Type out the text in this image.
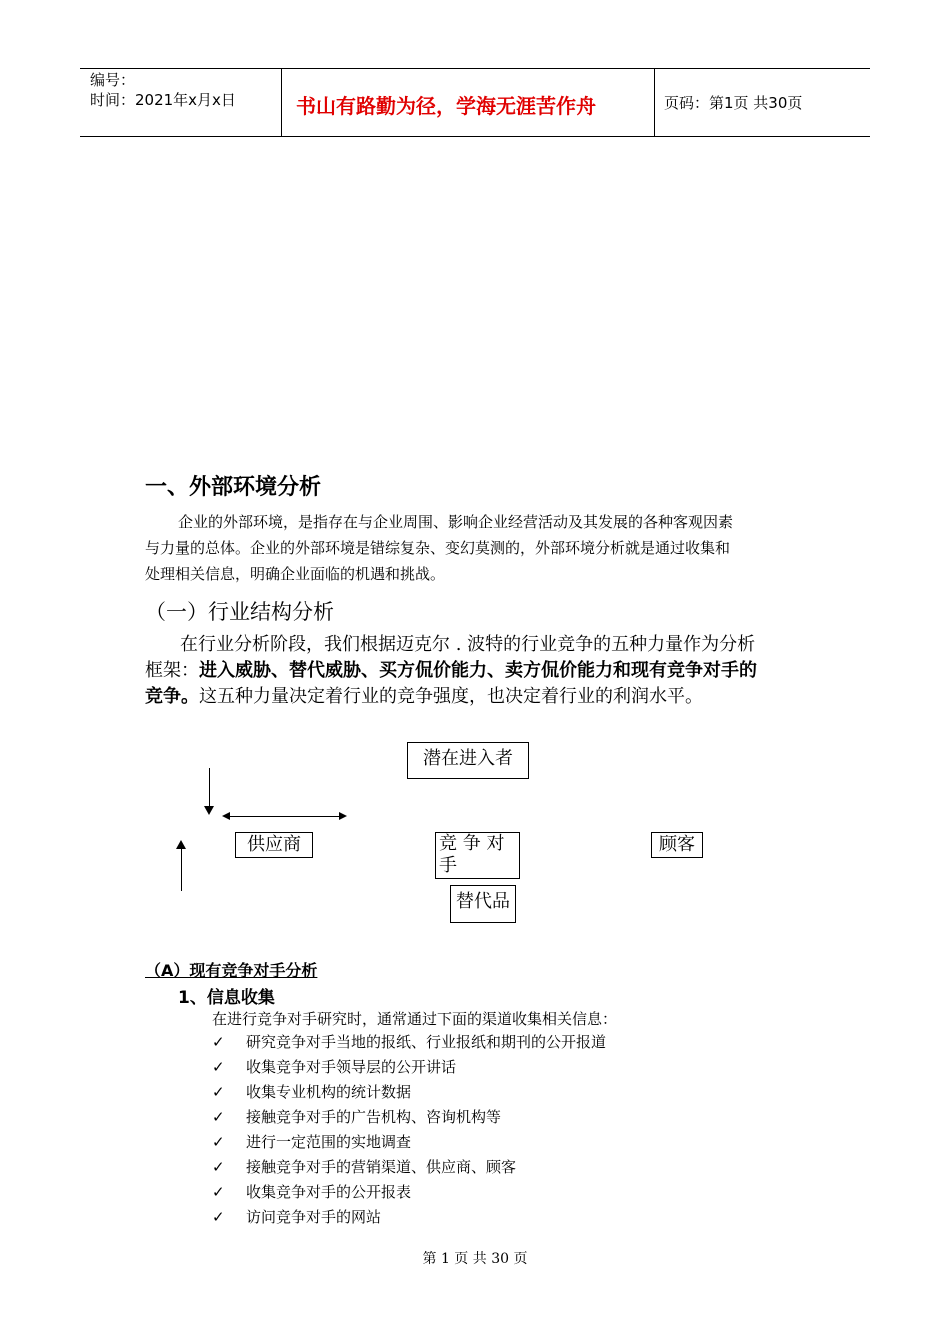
编号：
时间：2021年x月x日	书山有路勤为径，学海无涯苦作舟	页码：第1页 共30页
一、外部环境分析
企业的外部环境，是指存在与企业周围、影响企业经营活动及其发展的各种客观因素
与力量的总体。企业的外部环境是错综复杂、变幻莫测的，外部环境分析就是通过收集和
处理相关信息，明确企业面临的机遇和挑战。
（一）行业结构分析
在行业分析阶段，我们根据迈克尔 . 波特的行业竞争的五种力量作为分析
框架：进入威胁、替代威胁、买方侃价能力、卖方侃价能力和现有竞争对手的
竞争。这五种力量决定着行业的竞争强度，也决定着行业的利润水平。
潜在进入者
供应商	竞 争 对
手
顾客
替代品
（A）现有竞争对手分析
1、信息收集
在进行竞争对手研究时，通常通过下面的渠道收集相关信息：
✓ 研究竞争对手当地的报纸、行业报纸和期刊的公开报道
✓ 收集竞争对手领导层的公开讲话
✓ 收集专业机构的统计数据
✓ 接触竞争对手的广告机构、咨询机构等
✓ 进行一定范围的实地调查
✓ 接触竞争对手的营销渠道、供应商、顾客
✓ 收集竞争对手的公开报表
✓ 访问竞争对手的网站
第 1 页 共 30 页
